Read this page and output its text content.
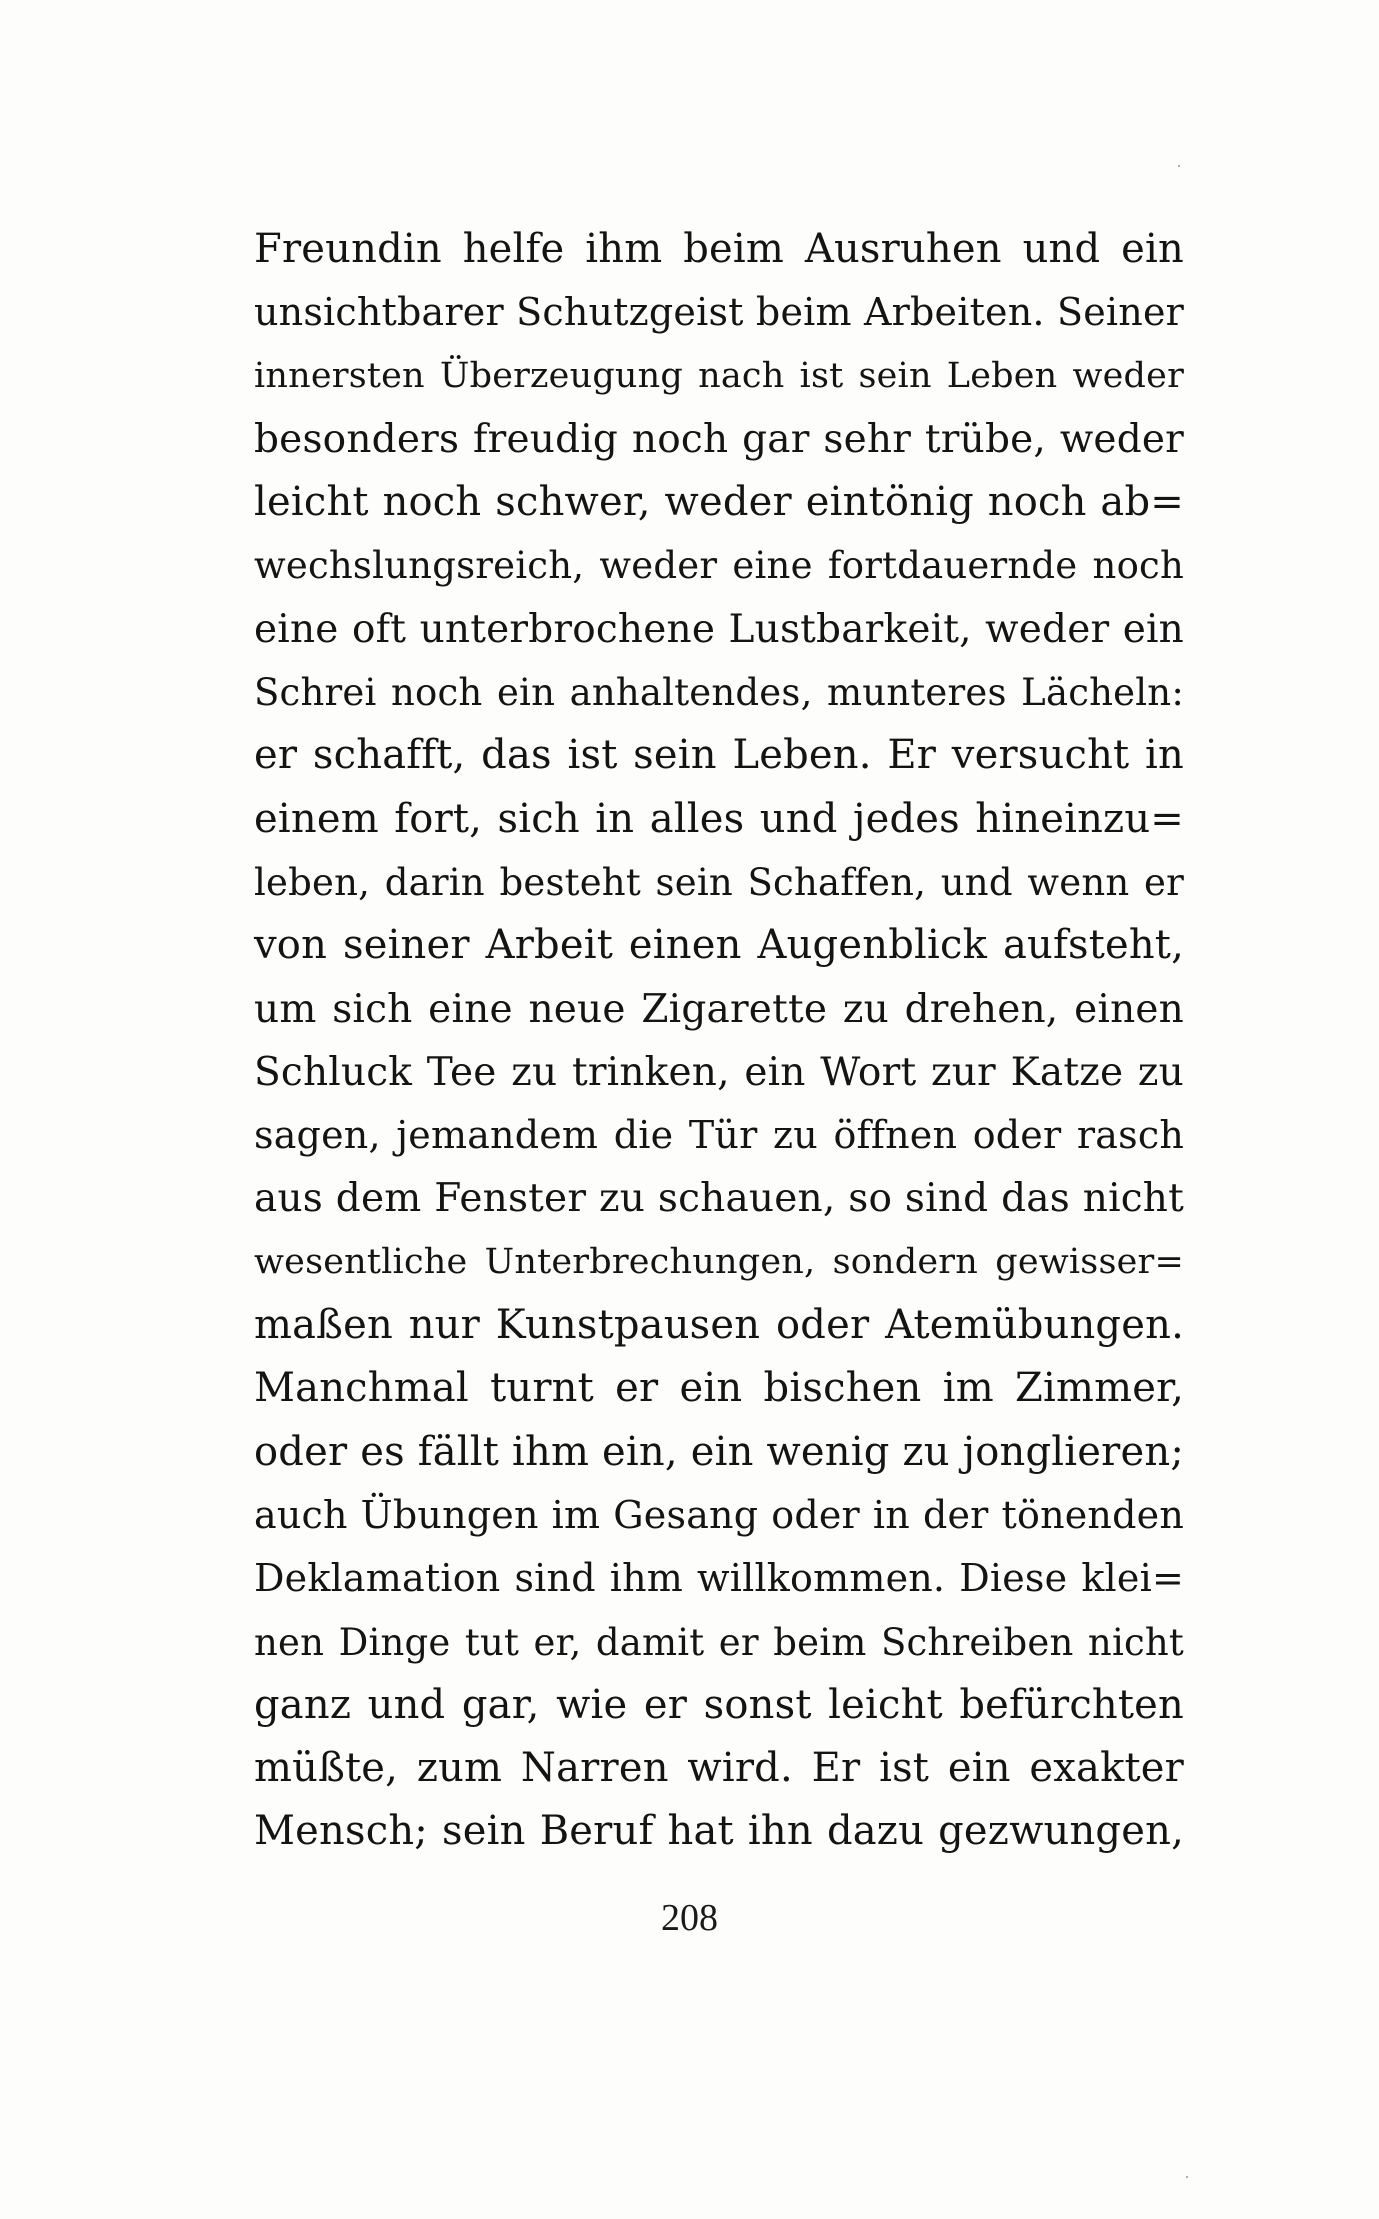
Freundin helfe ihm beim Ausruhen und ein
unsichtbarer Schutzgeist beim Arbeiten. Seiner
innersten Überzeugung nach ist sein Leben weder
besonders freudig noch gar sehr trübe, weder
leicht noch schwer, weder eintönig noch ab=
wechslungsreich, weder eine fortdauernde noch
eine oft unterbrochene Lustbarkeit, weder ein
Schrei noch ein anhaltendes, munteres Lächeln:
er schafft, das ist sein Leben. Er versucht in
einem fort, sich in alles und jedes hineinzu=
leben, darin besteht sein Schaffen, und wenn er
von seiner Arbeit einen Augenblick aufsteht,
um sich eine neue Zigarette zu drehen, einen
Schluck Tee zu trinken, ein Wort zur Katze zu
sagen, jemandem die Tür zu öffnen oder rasch
aus dem Fenster zu schauen, so sind das nicht
wesentliche Unterbrechungen, sondern gewisser=
maßen nur Kunstpausen oder Atemübungen.
Manchmal turnt er ein bischen im Zimmer,
oder es fällt ihm ein, ein wenig zu jonglieren;
auch Übungen im Gesang oder in der tönenden
Deklamation sind ihm willkommen. Diese klei=
nen Dinge tut er, damit er beim Schreiben nicht
ganz und gar, wie er sonst leicht befürchten
müßte, zum Narren wird. Er ist ein exakter
Mensch; sein Beruf hat ihn dazu gezwungen,
208
